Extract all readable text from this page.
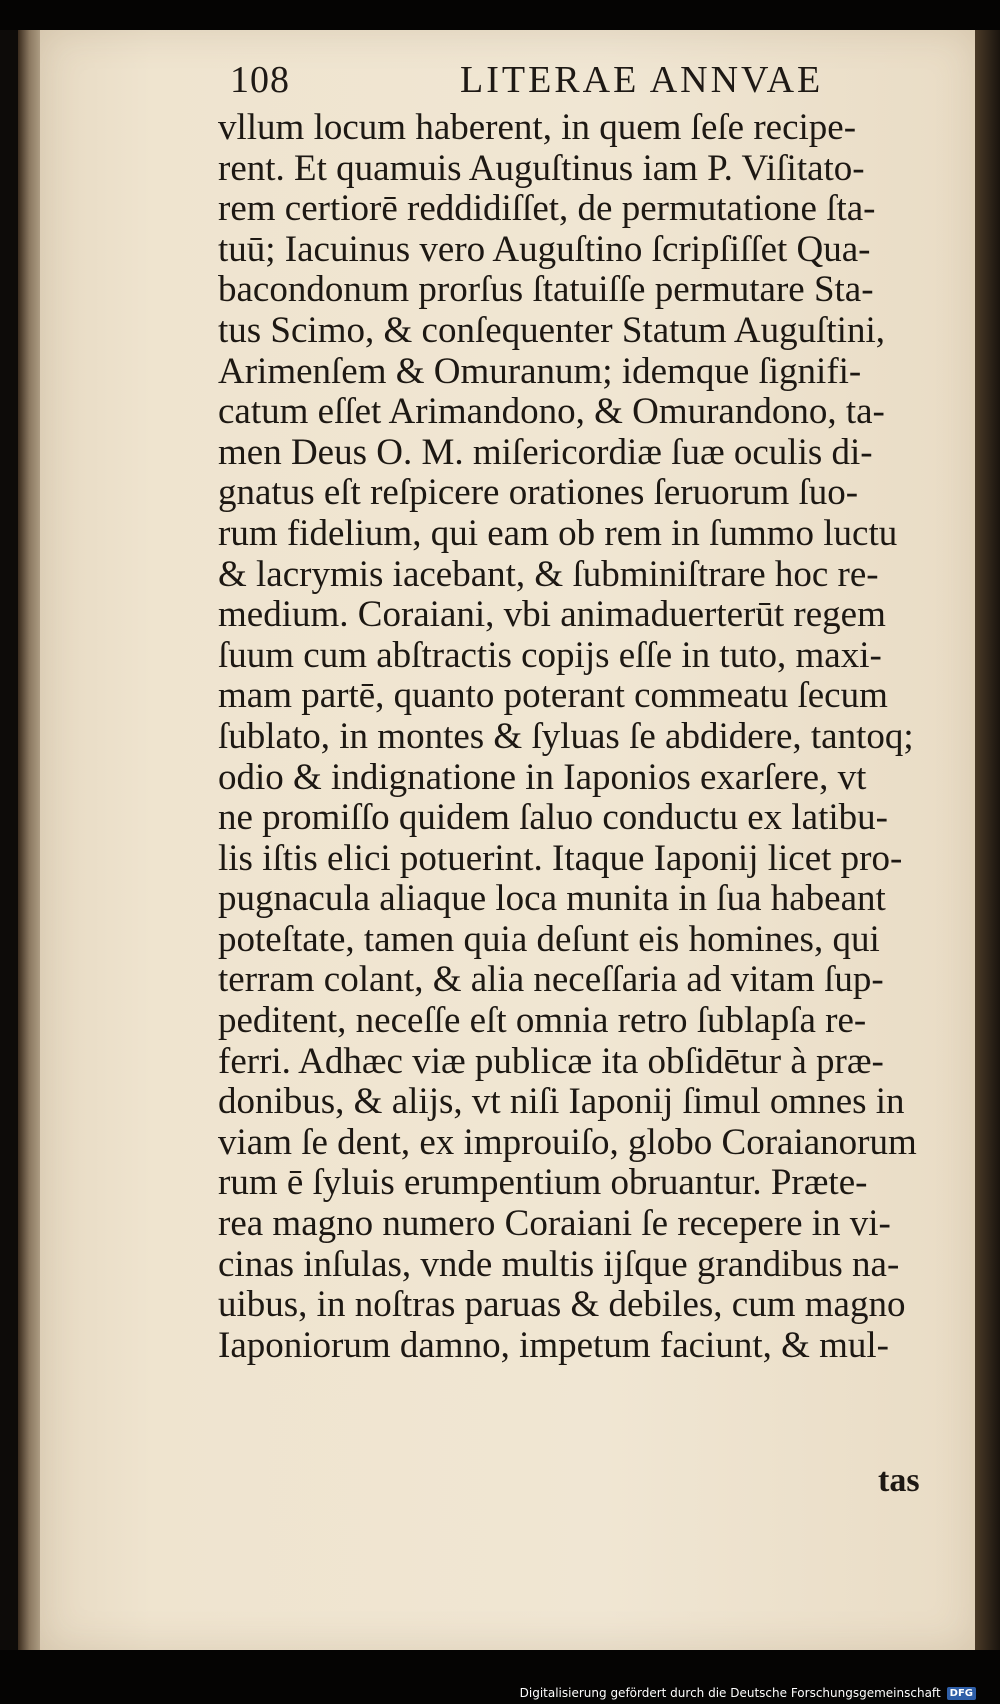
108	LITERAE ANNVAE
vllum locum haberent, in quem ſeſe recipe-
rent. Et quamuis Auguſtinus iam P. Viſitato-
rem certiorē reddidiſſet, de permutatione ſta-
tuū; Iacuinus vero Auguſtino ſcripſiſſet Qua-
bacondonum prorſus ſtatuiſſe permutare Sta-
tus Scimo, & conſequenter Statum Auguſtini,
Arimenſem & Omuranum; idemque ſignifi-
catum eſſet Arimandono, & Omurandono, ta-
men Deus O. M. miſericordiæ ſuæ oculis di-
gnatus eſt reſpicere orationes ſeruorum ſuo-
rum fidelium, qui eam ob rem in ſummo luctu
& lacrymis iacebant, & ſubminiſtrare hoc re-
medium. Coraiani, vbi animaduerterūt regem
ſuum cum abſtractis copijs eſſe in tuto, maxi-
mam partē, quanto poterant commeatu ſecum
ſublato, in montes & ſyluas ſe abdidere, tantoq;
odio & indignatione in Iaponios exarſere, vt
ne promiſſo quidem ſaluo conductu ex latibu-
lis iſtis elici potuerint. Itaque Iaponij licet pro-
pugnacula aliaque loca munita in ſua habeant
poteſtate, tamen quia deſunt eis homines, qui
terram colant, & alia neceſſaria ad vitam ſup-
peditent, neceſſe eſt omnia retro ſublapſa re-
ferri. Adhæc viæ publicæ ita obſidētur à præ-
donibus, & alijs, vt niſi Iaponij ſimul omnes in
viam ſe dent, ex improuiſo, globo Coraianorum
rum ē ſyluis erumpentium obruantur. Præte-
rea magno numero Coraiani ſe recepere in vi-
cinas inſulas, vnde multis ijſque grandibus na-
uibus, in noſtras paruas & debiles, cum magno
Iaponiorum damno, impetum faciunt, & mul-
tas
Digitalisierung gefördert durch die Deutsche Forschungsgemeinschaft DFG
